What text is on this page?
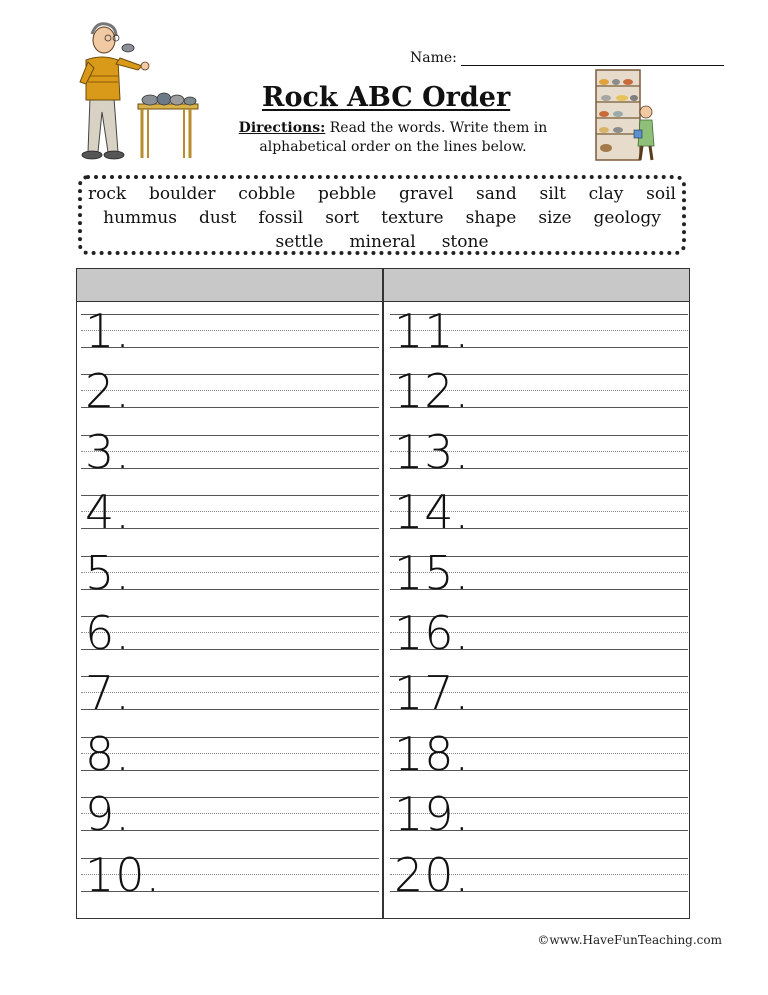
Name:
Rock ABC Order
Directions: Read the words. Write them in
alphabetical order on the lines below.
rock boulder cobble pebble gravel sand silt clay soil
hummus dust fossil sort texture shape size geology
settle mineral stone
1.
2.
3.
4.
5.
6.
7.
8.
9.
10.
11.
12.
13.
14.
15.
16.
17.
18.
19.
20.
©www.HaveFunTeaching.com
